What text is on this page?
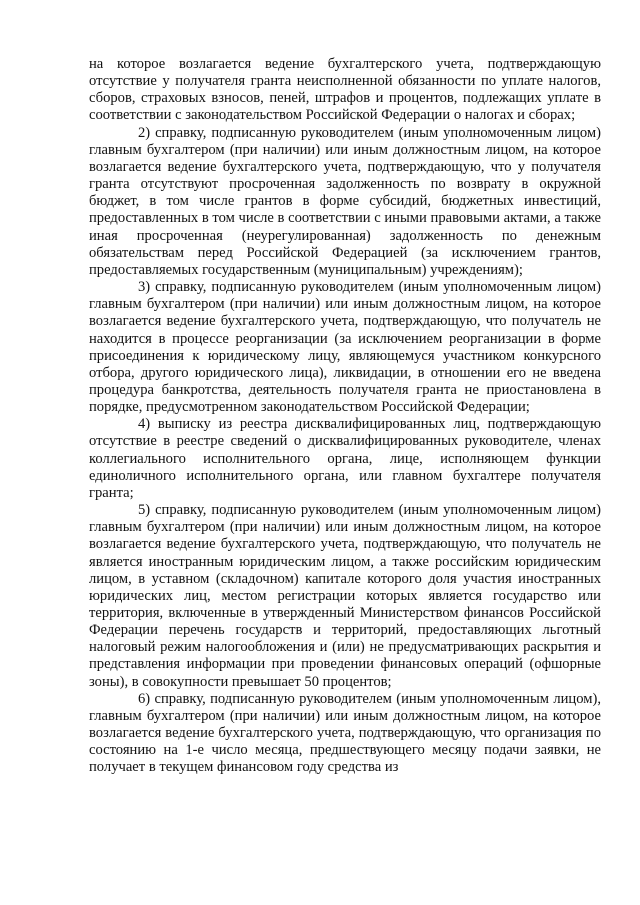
на которое возлагается ведение бухгалтерского учета, подтверждающую отсутствие у получателя гранта неисполненной обязанности по уплате налогов, сборов, страховых взносов, пеней, штрафов и процентов, подлежащих уплате в соответствии с законодательством Российской Федерации о налогах и сборах;

2) справку, подписанную руководителем (иным уполномоченным лицом) главным бухгалтером (при наличии) или иным должностным лицом, на которое возлагается ведение бухгалтерского учета, подтверждающую, что у получателя гранта отсутствуют просроченная задолженность по возврату в окружной бюджет, в том числе грантов в форме субсидий, бюджетных инвестиций, предоставленных в том числе в соответствии с иными правовыми актами, а также иная просроченная (неурегулированная) задолженность по денежным обязательствам перед Российской Федерацией (за исключением грантов, предоставляемых государственным (муниципальным) учреждениям);

3) справку, подписанную руководителем (иным уполномоченным лицом) главным бухгалтером (при наличии) или иным должностным лицом, на которое возлагается ведение бухгалтерского учета, подтверждающую, что получатель не находится в процессе реорганизации (за исключением реорганизации в форме присоединения к юридическому лицу, являющемуся участником конкурсного отбора, другого юридического лица), ликвидации, в отношении его не введена процедура банкротства, деятельность получателя гранта не приостановлена в порядке, предусмотренном законодательством Российской Федерации;

4) выписку из реестра дисквалифицированных лиц, подтверждающую отсутствие в реестре сведений о дисквалифицированных руководителе, членах коллегиального исполнительного органа, лице, исполняющем функции единоличного исполнительного органа, или главном бухгалтере получателя гранта;

5) справку, подписанную руководителем (иным уполномоченным лицом) главным бухгалтером (при наличии) или иным должностным лицом, на которое возлагается ведение бухгалтерского учета, подтверждающую, что получатель не является иностранным юридическим лицом, а также российским юридическим лицом, в уставном (складочном) капитале которого доля участия иностранных юридических лиц, местом регистрации которых является государство или территория, включенные в утвержденный Министерством финансов Российской Федерации перечень государств и территорий, предоставляющих льготный налоговый режим налогообложения и (или) не предусматривающих раскрытия и представления информации при проведении финансовых операций (офшорные зоны), в совокупности превышает 50 процентов;

6) справку, подписанную руководителем (иным уполномоченным лицом), главным бухгалтером (при наличии) или иным должностным лицом, на которое возлагается ведение бухгалтерского учета, подтверждающую, что организация по состоянию на 1-е число месяца, предшествующего месяцу подачи заявки, не получает в текущем финансовом году средства из
